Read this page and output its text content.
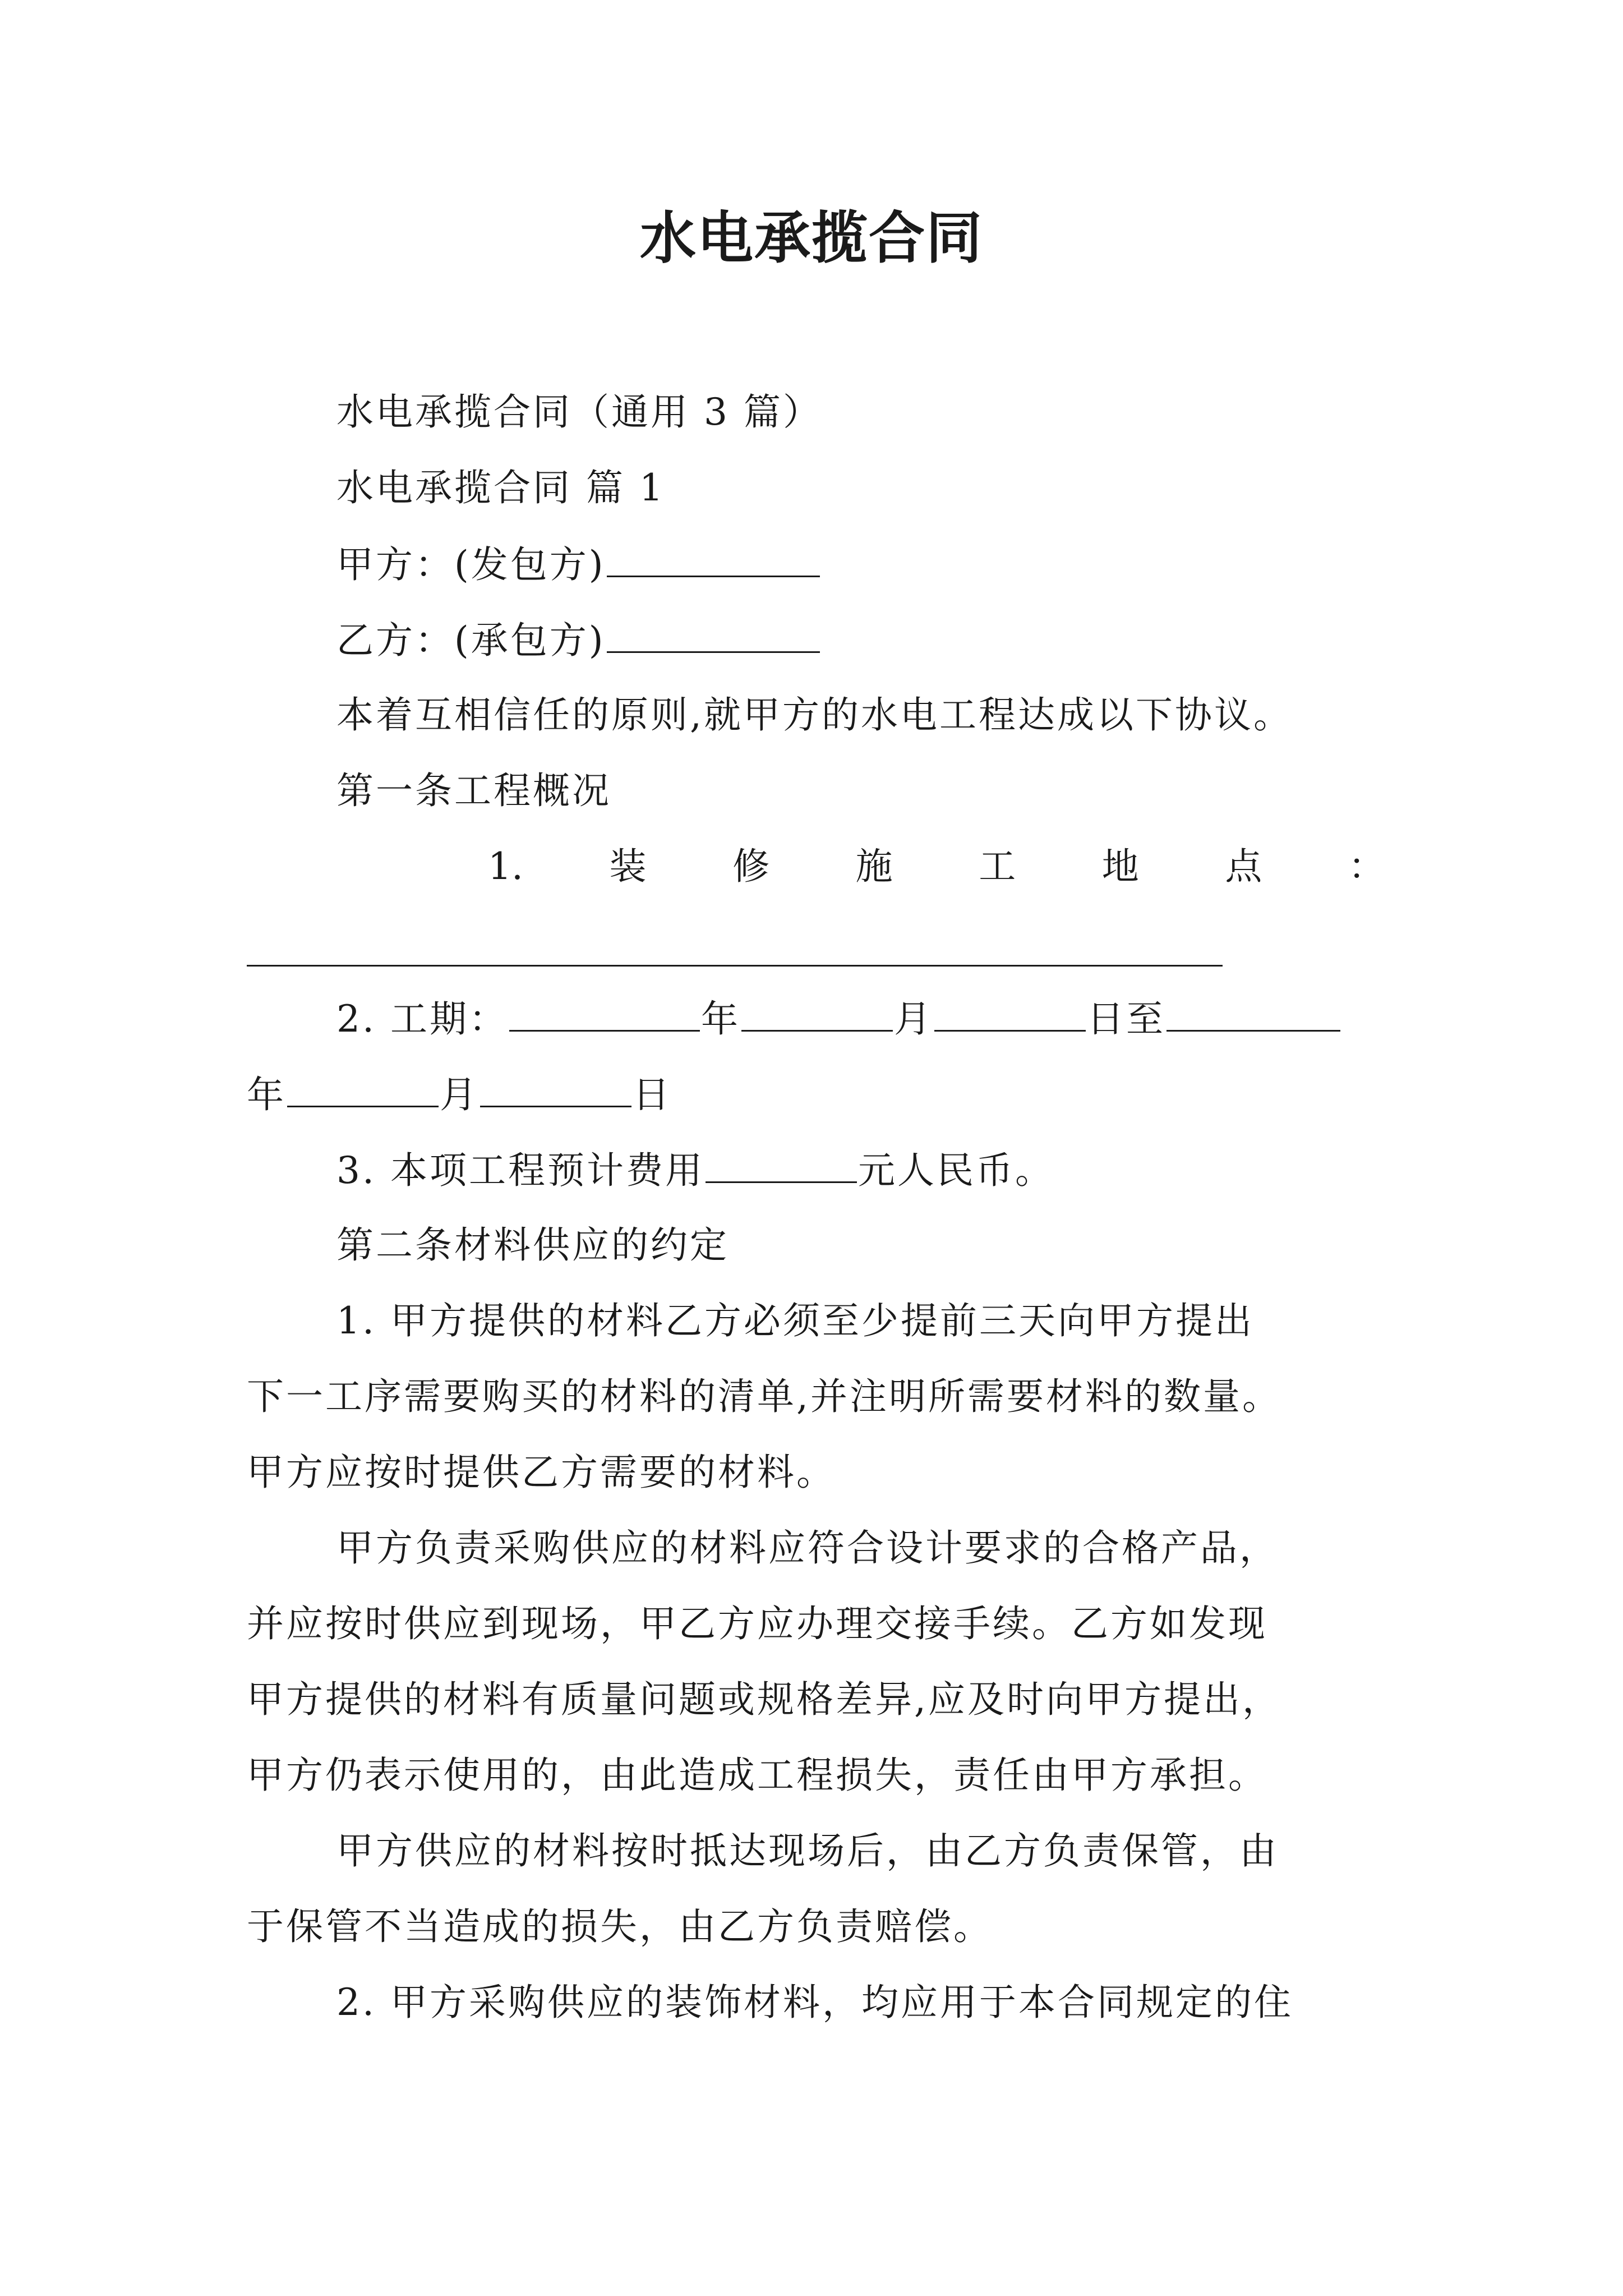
水电承揽合同
水电承揽合同（通用 3 篇）
水电承揽合同 篇 1
甲方：(发包方)
乙方：(承包方)
本着互相信任的原则,就甲方的水电工程达成以下协议。
第一条工程概况
1. 装 修 施 工 地 点 ：
2. 工期：	年	月	日至
年	月	日
3. 本项工程预计费用	元人民币。
第二条材料供应的约定
1. 甲方提供的材料乙方必须至少提前三天向甲方提出
下一工序需要购买的材料的清单,并注明所需要材料的数量。
甲方应按时提供乙方需要的材料。
甲方负责采购供应的材料应符合设计要求的合格产品，
并应按时供应到现场，甲乙方应办理交接手续。乙方如发现
甲方提供的材料有质量问题或规格差异,应及时向甲方提出，
甲方仍表示使用的，由此造成工程损失，责任由甲方承担。
甲方供应的材料按时抵达现场后，由乙方负责保管，由
于保管不当造成的损失，由乙方负责赔偿。
2. 甲方采购供应的装饰材料，均应用于本合同规定的住
